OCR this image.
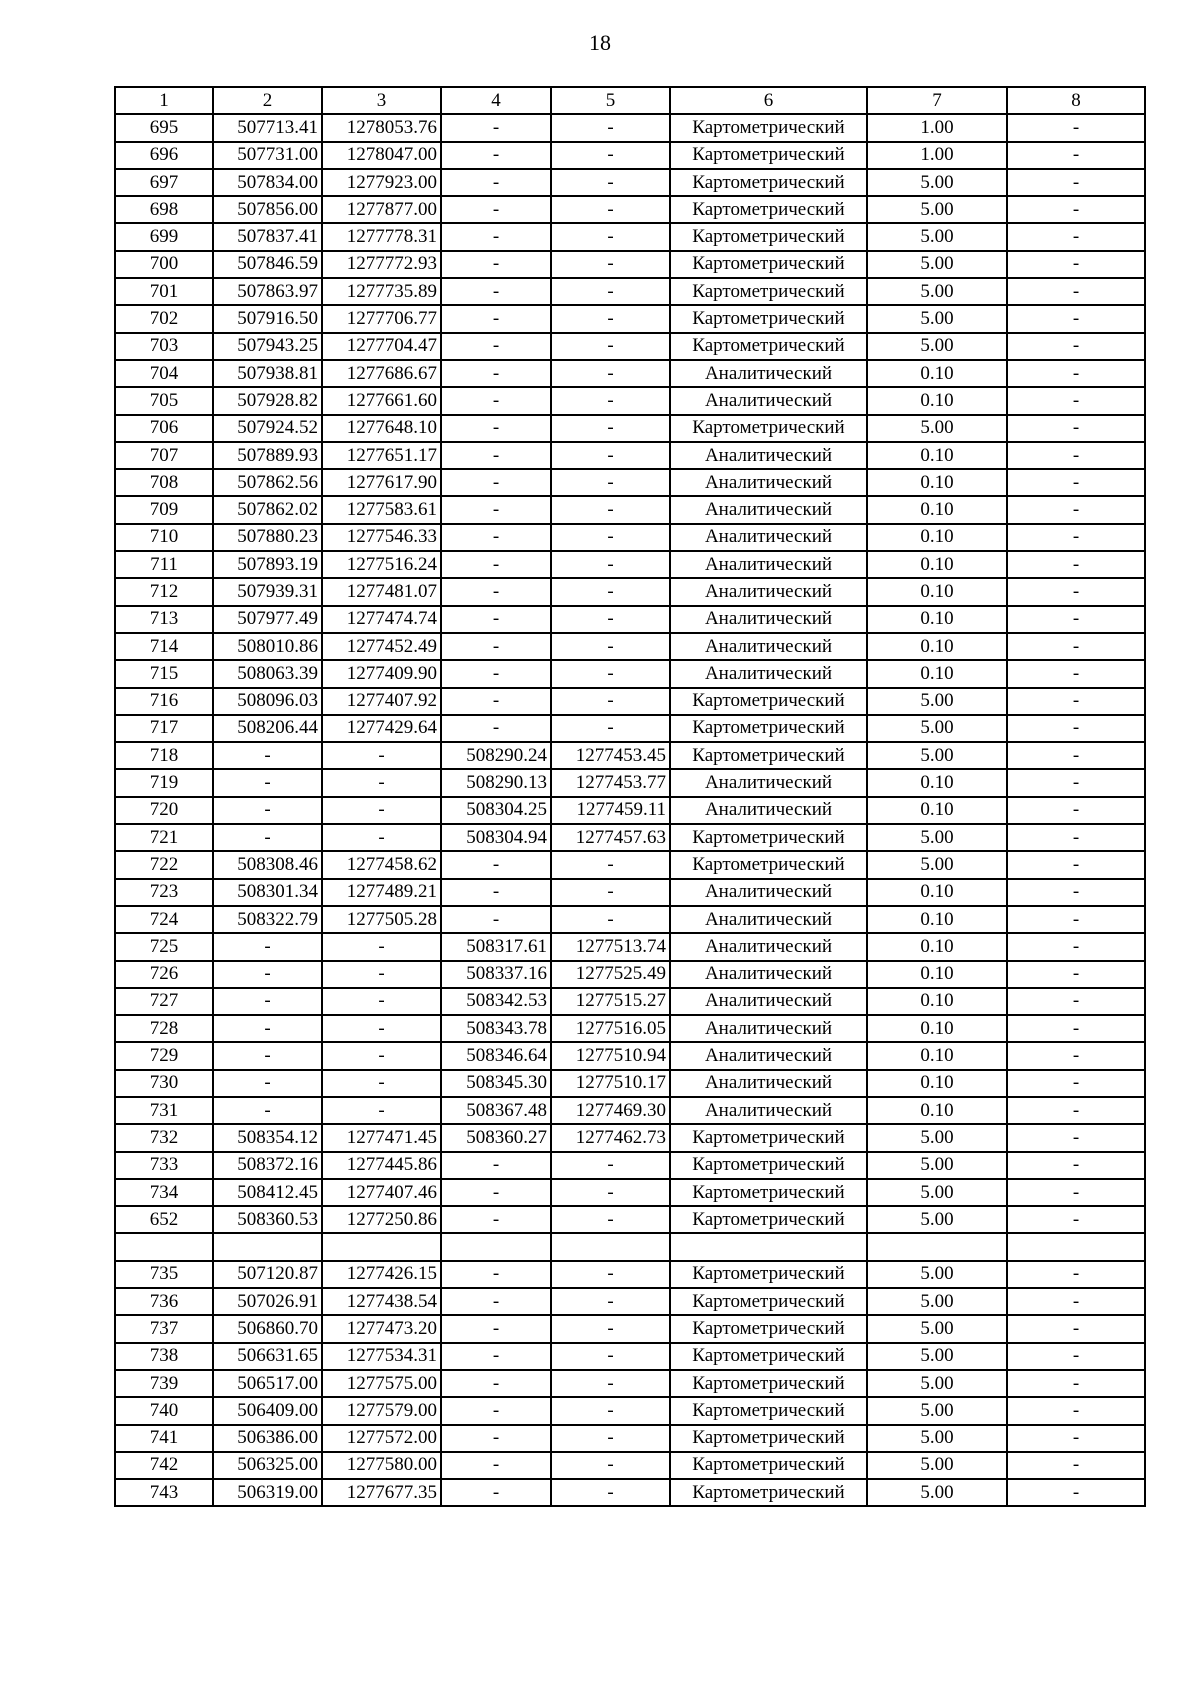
18
1	2	3	4	5	6	7	8
695	507713.41	1278053.76	-	-	Картометрический	1.00	-
696	507731.00	1278047.00	-	-	Картометрический	1.00	-
697	507834.00	1277923.00	-	-	Картометрический	5.00	-
698	507856.00	1277877.00	-	-	Картометрический	5.00	-
699	507837.41	1277778.31	-	-	Картометрический	5.00	-
700	507846.59	1277772.93	-	-	Картометрический	5.00	-
701	507863.97	1277735.89	-	-	Картометрический	5.00	-
702	507916.50	1277706.77	-	-	Картометрический	5.00	-
703	507943.25	1277704.47	-	-	Картометрический	5.00	-
704	507938.81	1277686.67	-	-	Аналитический	0.10	-
705	507928.82	1277661.60	-	-	Аналитический	0.10	-
706	507924.52	1277648.10	-	-	Картометрический	5.00	-
707	507889.93	1277651.17	-	-	Аналитический	0.10	-
708	507862.56	1277617.90	-	-	Аналитический	0.10	-
709	507862.02	1277583.61	-	-	Аналитический	0.10	-
710	507880.23	1277546.33	-	-	Аналитический	0.10	-
711	507893.19	1277516.24	-	-	Аналитический	0.10	-
712	507939.31	1277481.07	-	-	Аналитический	0.10	-
713	507977.49	1277474.74	-	-	Аналитический	0.10	-
714	508010.86	1277452.49	-	-	Аналитический	0.10	-
715	508063.39	1277409.90	-	-	Аналитический	0.10	-
716	508096.03	1277407.92	-	-	Картометрический	5.00	-
717	508206.44	1277429.64	-	-	Картометрический	5.00	-
718	-	-	508290.24	1277453.45	Картометрический	5.00	-
719	-	-	508290.13	1277453.77	Аналитический	0.10	-
720	-	-	508304.25	1277459.11	Аналитический	0.10	-
721	-	-	508304.94	1277457.63	Картометрический	5.00	-
722	508308.46	1277458.62	-	-	Картометрический	5.00	-
723	508301.34	1277489.21	-	-	Аналитический	0.10	-
724	508322.79	1277505.28	-	-	Аналитический	0.10	-
725	-	-	508317.61	1277513.74	Аналитический	0.10	-
726	-	-	508337.16	1277525.49	Аналитический	0.10	-
727	-	-	508342.53	1277515.27	Аналитический	0.10	-
728	-	-	508343.78	1277516.05	Аналитический	0.10	-
729	-	-	508346.64	1277510.94	Аналитический	0.10	-
730	-	-	508345.30	1277510.17	Аналитический	0.10	-
731	-	-	508367.48	1277469.30	Аналитический	0.10	-
732	508354.12	1277471.45	508360.27	1277462.73	Картометрический	5.00	-
733	508372.16	1277445.86	-	-	Картометрический	5.00	-
734	508412.45	1277407.46	-	-	Картометрический	5.00	-
652	508360.53	1277250.86	-	-	Картометрический	5.00	-

735	507120.87	1277426.15	-	-	Картометрический	5.00	-
736	507026.91	1277438.54	-	-	Картометрический	5.00	-
737	506860.70	1277473.20	-	-	Картометрический	5.00	-
738	506631.65	1277534.31	-	-	Картометрический	5.00	-
739	506517.00	1277575.00	-	-	Картометрический	5.00	-
740	506409.00	1277579.00	-	-	Картометрический	5.00	-
741	506386.00	1277572.00	-	-	Картометрический	5.00	-
742	506325.00	1277580.00	-	-	Картометрический	5.00	-
743	506319.00	1277677.35	-	-	Картометрический	5.00	-
